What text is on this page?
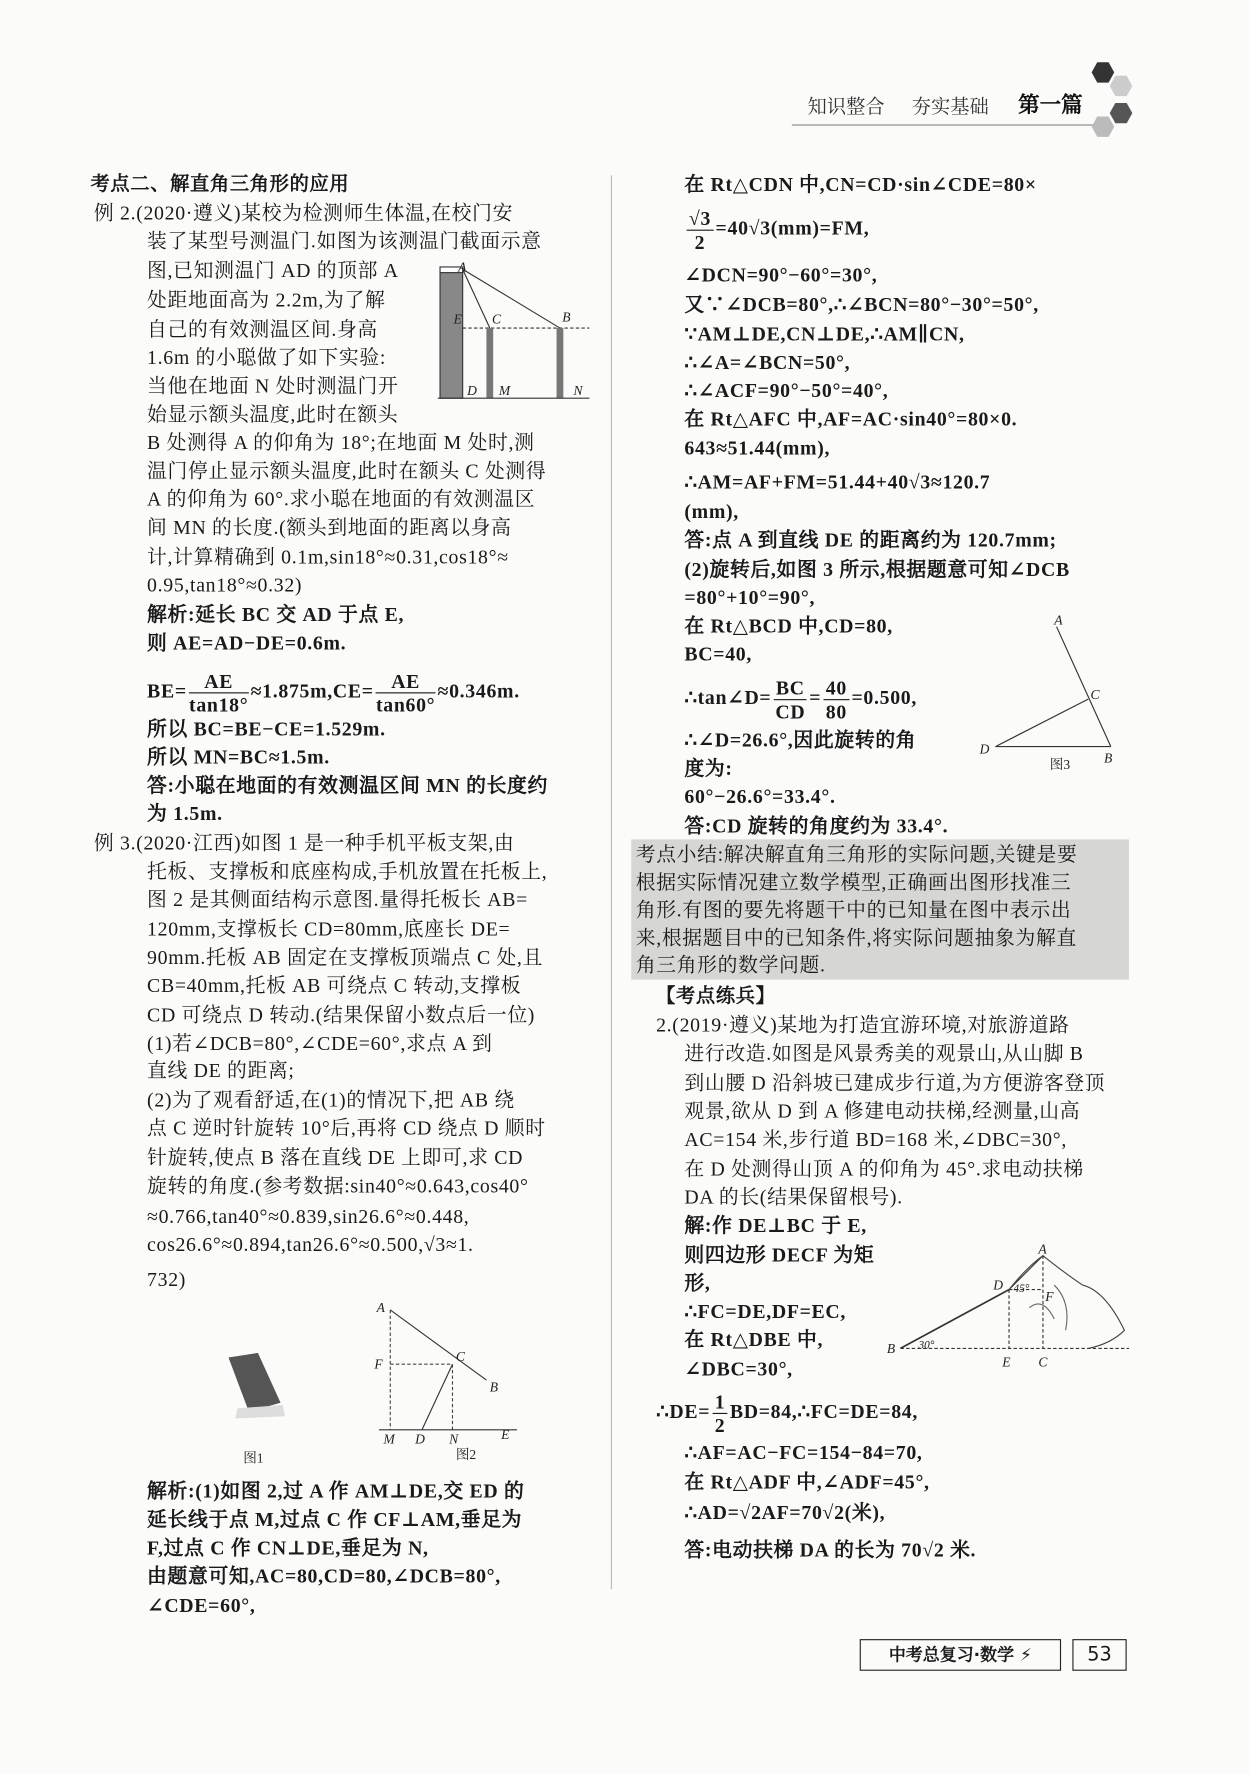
知识整合 夯实基础 第一篇
考点二、解直角三角形的应用
例 2.(2020·遵义)某校为检测师生体温,在校门安
装了某型号测温门.如图为该测温门截面示意
图,已知测温门 AD 的顶部 A
处距地面高为 2.2m,为了解
自己的有效测温区间.身高
1.6m 的小聪做了如下实验:
当他在地面 N 处时测温门开
始显示额头温度,此时在额头
B 处测得 A 的仰角为 18°;在地面 M 处时,测
温门停止显示额头温度,此时在额头 C 处测得
A 的仰角为 60°.求小聪在地面的有效测温区
间 MN 的长度.(额头到地面的距离以身高
计,计算精确到 0.1m,sin18°≈0.31,cos18°≈
0.95,tan18°≈0.32)
解析:延长 BC 交 AD 于点 E,
则 AE=AD−DE=0.6m.
所以 BC=BE−CE=1.529m.
所以 MN=BC≈1.5m.
答:小聪在地面的有效测温区间 MN 的长度约
为 1.5m.
例 3.(2020·江西)如图 1 是一种手机平板支架,由
托板、支撑板和底座构成,手机放置在托板上,
图 2 是其侧面结构示意图.量得托板长 AB=
120mm,支撑板长 CD=80mm,底座长 DE=
90mm.托板 AB 固定在支撑板顶端点 C 处,且
CB=40mm,托板 AB 可绕点 C 转动,支撑板
CD 可绕点 D 转动.(结果保留小数点后一位)
(1)若∠DCB=80°,∠CDE=60°,求点 A 到
直线 DE 的距离;
(2)为了观看舒适,在(1)的情况下,把 AB 绕
点 C 逆时针旋转 10°后,再将 CD 绕点 D 顺时
针旋转,使点 B 落在直线 DE 上即可,求 CD
旋转的角度.(参考数据:sin40°≈0.643,cos40°
≈0.766,tan40°≈0.839,sin26.6°≈0.448,
cos26.6°≈0.894,tan26.6°≈0.500,√3≈1.
732)
解析:(1)如图 2,过 A 作 AM⊥DE,交 ED 的
延长线于点 M,过点 C 作 CF⊥AM,垂足为
F,过点 C 作 CN⊥DE,垂足为 N,
由题意可知,AC=80,CD=80,∠DCB=80°,
∠CDE=60°,
在 Rt△CDN 中,CN=CD·sin∠CDE=80×
∠DCN=90°−60°=30°,
又∵∠DCB=80°,∴∠BCN=80°−30°=50°,
∵AM⊥DE,CN⊥DE,∴AM∥CN,
∴∠A=∠BCN=50°,
∴∠ACF=90°−50°=40°,
在 Rt△AFC 中,AF=AC·sin40°=80×0.
643≈51.44(mm),
∴AM=AF+FM=51.44+40√3≈120.7
(mm),
答:点 A 到直线 DE 的距离约为 120.7mm;
(2)旋转后,如图 3 所示,根据题意可知∠DCB
=80°+10°=90°,
在 Rt△BCD 中,CD=80,
BC=40,
∴∠D=26.6°,因此旋转的角
度为:
60°−26.6°=33.4°.
答:CD 旋转的角度约为 33.4°.
【考点练兵】
2.(2019·遵义)某地为打造宜游环境,对旅游道路
进行改造.如图是风景秀美的观景山,从山脚 B
到山腰 D 沿斜坡已建成步行道,为方便游客登顶
观景,欲从 D 到 A 修建电动扶梯,经测量,山高
AC=154 米,步行道 BD=168 米,∠DBC=30°,
在 D 处测得山顶 A 的仰角为 45°.求电动扶梯
DA 的长(结果保留根号).
解:作 DE⊥BC 于 E,
则四边形 DECF 为矩
形,
∴FC=DE,DF=EC,
在 Rt△DBE 中,
∠DBC=30°,
∴AF=AC−FC=154−84=70,
在 Rt△ADF 中,∠ADF=45°,
∴AD=√2AF=70√2(米),
答:电动扶梯 DA 的长为 70√2 米.
考点小结:解决解直角三角形的实际问题,关键是要
根据实际情况建立数学模型,正确画出图形找准三
角形.有图的要先将题干中的已知量在图中表示出
来,根据题目中的已知条件,将实际问题抽象为解直
角三角形的数学问题.
$BE= \frac{AE}{\tan 18^\circ} \approx 1.875m,CE= \frac{AE}{\tan 60^\circ} \approx 0.346m$.
$\frac{√3}{2} =40√3(mm)=FM$,
∴tan∠D= $\frac{BC}{CD} = \frac{40}{80} =0.500$,
∴DE= $\frac{1}{2}$ BD=84,∴FC=DE=84,
A
E	C	B
D M	N
图1
A
F
C
B
M D N	E
图2
A
C
D
B
图3
A
D 45°
F
B 30°
E C
中考总复习·数学 ⚡	53
